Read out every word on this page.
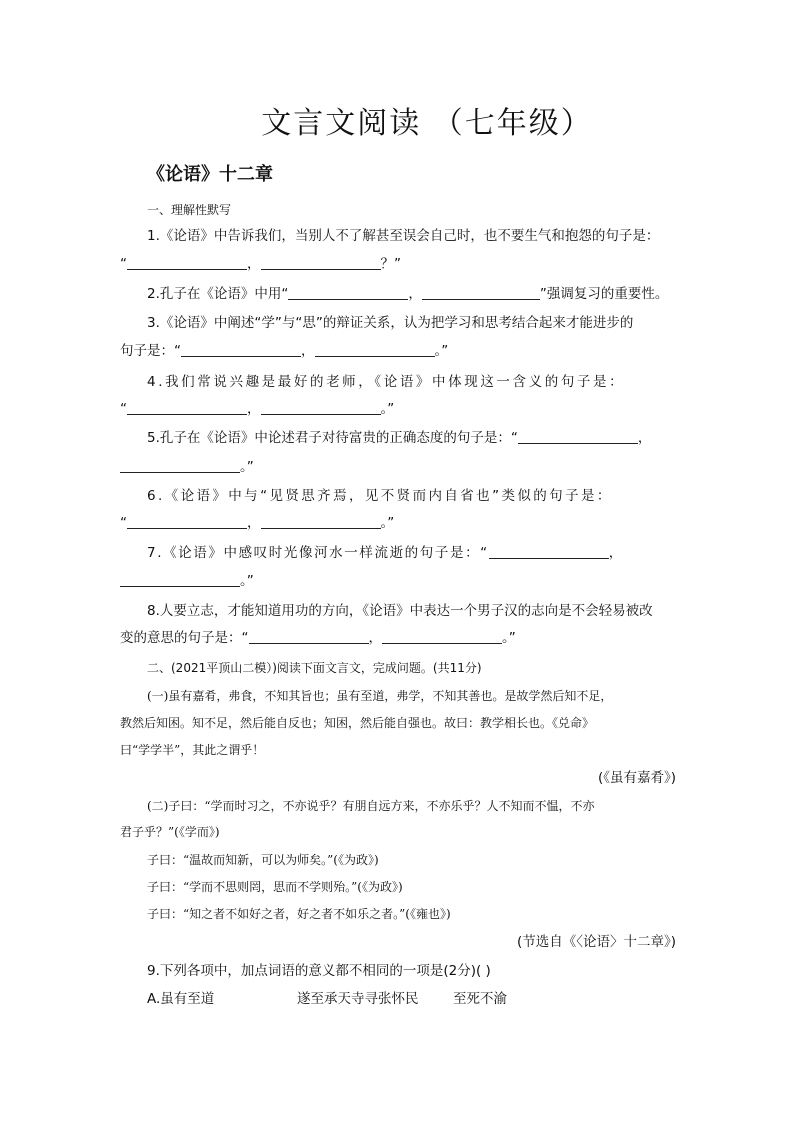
文言文阅读 （七年级）
《论语》十二章
一、理解性默写
1.《论语》中告诉我们，当别人不了解甚至误会自己时，也不要生气和抱怨的句子是：
“	，	？”
2.孔子在《论语》中用“	，	”强调复习的重要性。
3.《论语》中阐述“学”与“思”的辩证关系，认为把学习和思考结合起来才能进步的
句子是：“	，	。”
4.我们常说兴趣是最好的老师，《论语》中体现这一含义的句子是：
“	，	。”
5.孔子在《论语》中论述君子对待富贵的正确态度的句子是：“	，
。”
6.《论语》中与“见贤思齐焉，见不贤而内自省也”类似的句子是：
“	，	。”
7.《论语》中感叹时光像河水一样流逝的句子是：“	，
。”
8.人要立志，才能知道用功的方向，《论语》中表达一个男子汉的志向是不会轻易被改
变的意思的句子是：“	，	。”
二、(2021平顶山二模）)阅读下面文言文，完成问题。(共11分)
(一)虽有嘉肴，弗食，不知其旨也；虽有至道，弗学，不知其善也。是故学然后知不足，
教然后知困。知不足，然后能自反也；知困，然后能自强也。故曰：教学相长也。《兑命》
曰“学学半”，其此之谓乎！
(《虽有嘉肴》)
(二)子曰：“学而时习之，不亦说乎？有朋自远方来，不亦乐乎？人不知而不愠，不亦
君子乎？”(《学而》)
子曰：“温故而知新，可以为师矣。”(《为政》)
子曰：“学而不思则罔，思而不学则殆。”(《为政》)
子曰：“知之者不如好之者，好之者不如乐之者。”(《雍也》)
(节选自《〈论语〉十二章》)
9.下列各项中，加点词语的意义都不相同的一项是(2分)( )
A.虽有至道	遂至承天寺寻张怀民	至死不渝
